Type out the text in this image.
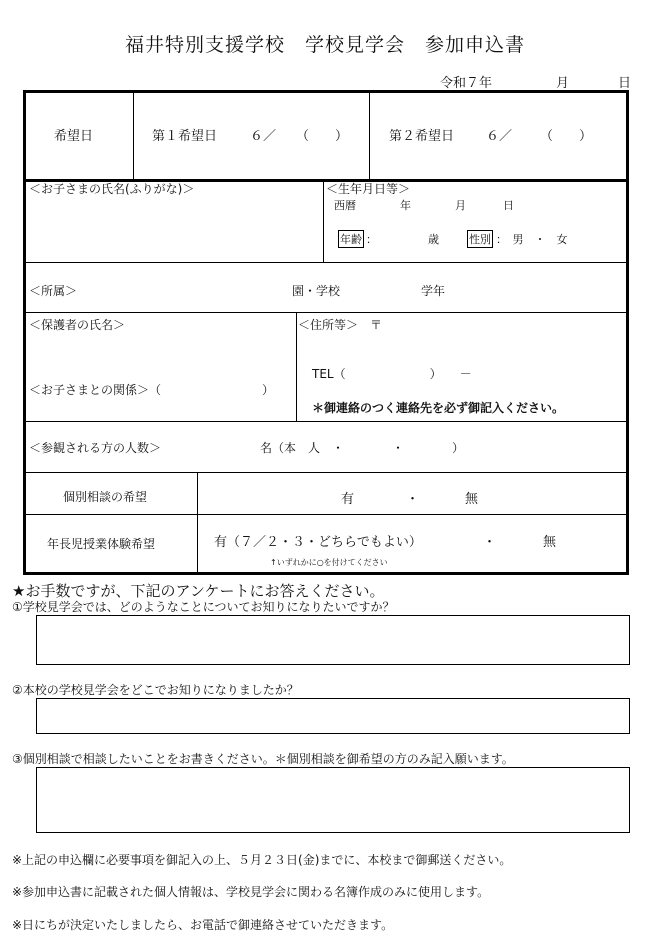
福井特別支援学校　学校見学会　参加申込書
令和７年	月	日
希望日	第１希望日	６／ （　　）	第２希望日 ６／ （　　）
＜お子さまの氏名(ふりがな)＞	＜生年月日等＞
西暦	年	月	日
年齢 ：	歳	性別 ：　男　・　女
＜所属＞	園・学校	学年
＜保護者の氏名＞
＜お子さまとの関係＞（	）
＜住所等＞　〒
TEL（　　　　　　　）　　－
＊御連絡のつく連絡先を必ず御記入ください。
＜参観される方の人数＞	名（本　人　・　　　　・　　　　）
個別相談の希望	有	・	無
年長児授業体験希望	有（７／２・３・どちらでもよい）	・	無
↑いずれかに○を付けてください
★お手数ですが、下記のアンケートにお答えください。
①学校見学会では、どのようなことについてお知りになりたいですか？
②本校の学校見学会をどこでお知りになりましたか？
③個別相談で相談したいことをお書きください。＊個別相談を御希望の方のみ記入願います。
※上記の申込欄に必要事項を御記入の上、５月２３日(金)までに、本校まで御郵送ください。
※参加申込書に記載された個人情報は、学校見学会に関わる名簿作成のみに使用します。
※日にちが決定いたしましたら、お電話で御連絡させていただきます。
